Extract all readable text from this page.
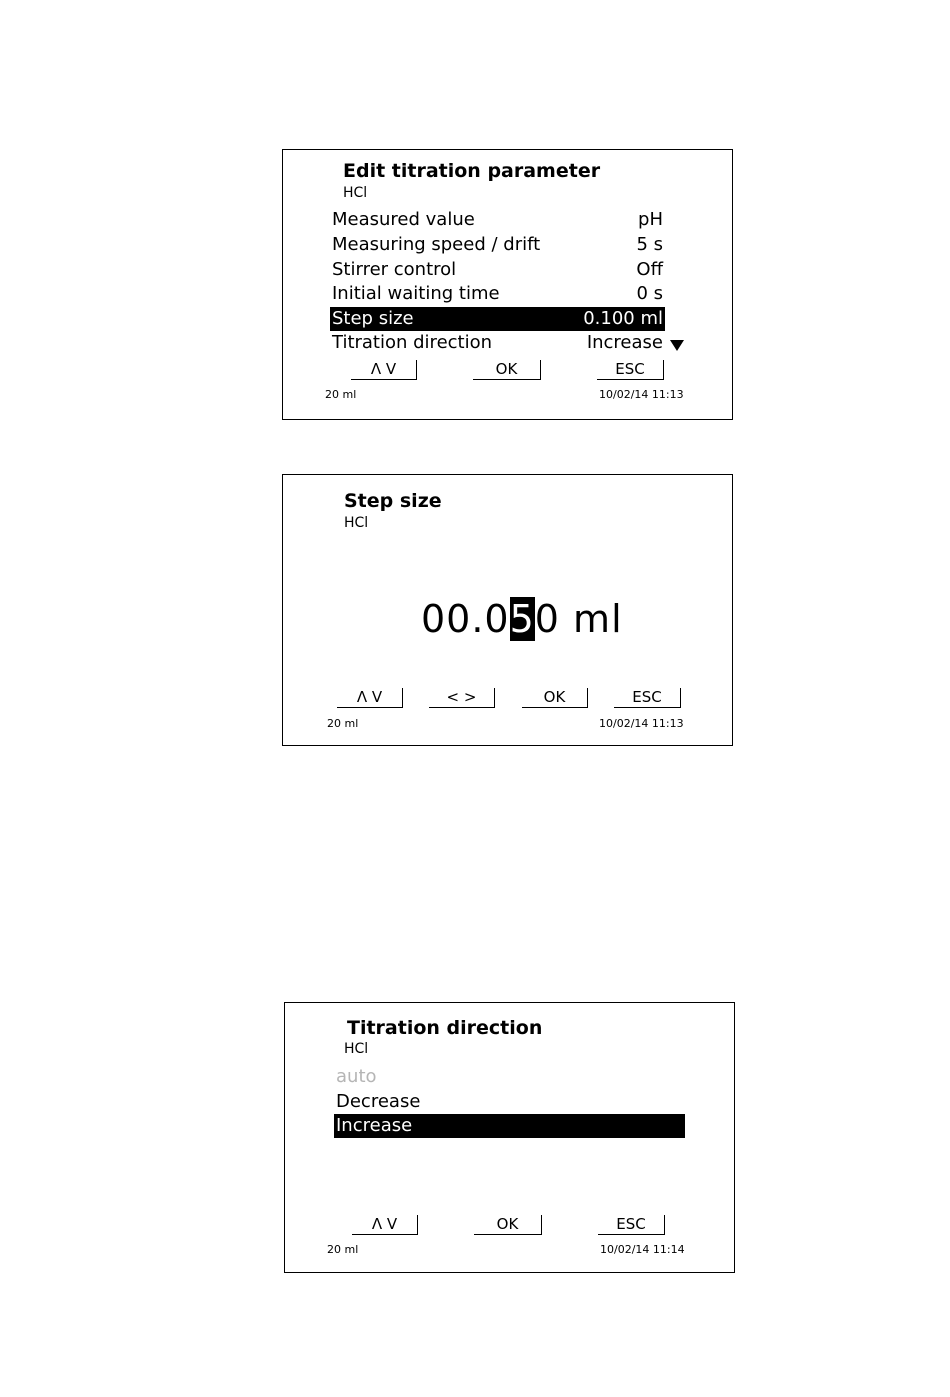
Edit titration parameter
HCl
Measured value	pH
Measuring speed / drift	5 s
Stirrer control	Off
Initial waiting time	0 s
Step size	0.100 ml
Titration direction	Increase
Λ V	OK	ESC
20 ml	10/02/14 11:13
Step size
HCl
00.050 ml
Λ V	< >	OK	ESC
20 ml	10/02/14 11:13
Titration direction
HCl
auto
Decrease
Increase
Λ V	OK	ESC
20 ml	10/02/14 11:14
